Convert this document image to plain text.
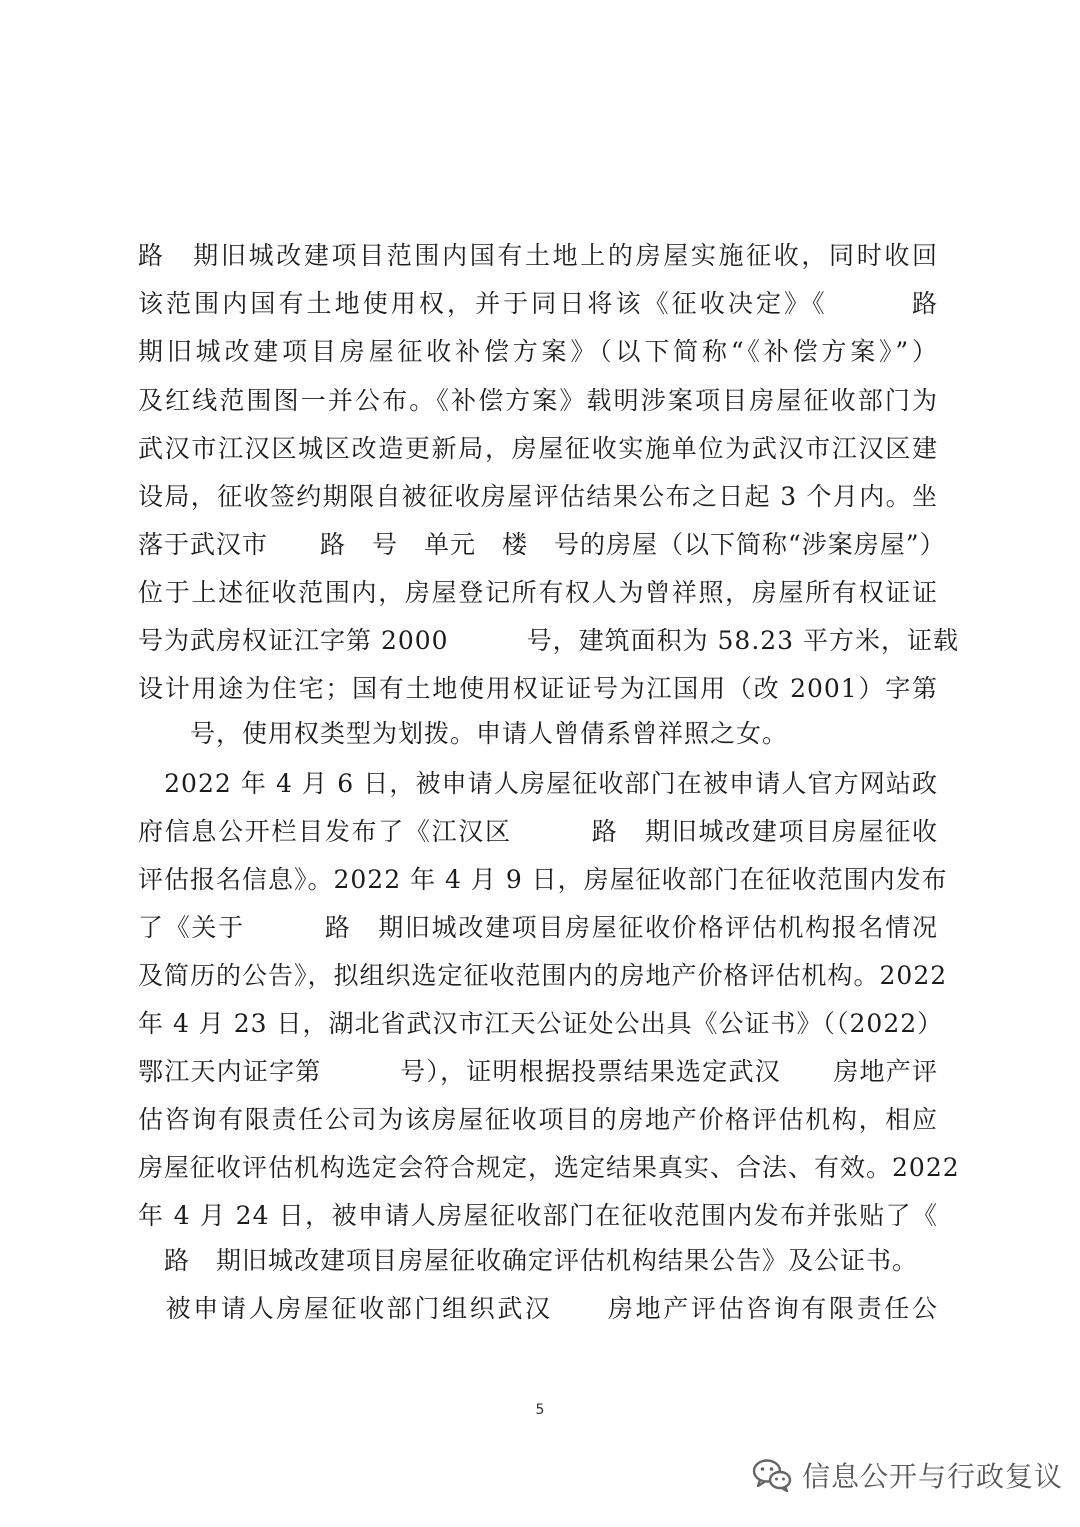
路　期旧城改建项目范围内国有土地上的房屋实施征收，同时收回
该范围内国有土地使用权，并于同日将该《征收决定》《　　　路
期旧城改建项目房屋征收补偿方案》（以下简称“《补偿方案》”）
及红线范围图一并公布。《补偿方案》载明涉案项目房屋征收部门为
武汉市江汉区城区改造更新局，房屋征收实施单位为武汉市江汉区建
设局，征收签约期限自被征收房屋评估结果公布之日起 3 个月内。坐
落于武汉市　　路　号　单元　楼　号的房屋（以下简称“涉案房屋”）
位于上述征收范围内，房屋登记所有权人为曾祥照，房屋所有权证证
号为武房权证江字第 2000　　　号，建筑面积为 58.23 平方米，证载
设计用途为住宅；国有土地使用权证证号为江国用（改 2001）字第
　　号，使用权类型为划拨。申请人曾倩系曾祥照之女。
　2022 年 4 月 6 日，被申请人房屋征收部门在被申请人官方网站政
府信息公开栏目发布了《江汉区　　　路　期旧城改建项目房屋征收
评估报名信息》。2022 年 4 月 9 日，房屋征收部门在征收范围内发布
了《关于　　　路　期旧城改建项目房屋征收价格评估机构报名情况
及简历的公告》，拟组织选定征收范围内的房地产价格评估机构。2022
年 4 月 23 日，湖北省武汉市江天公证处公出具《公证书》（（2022）
鄂江天内证字第　　　号），证明根据投票结果选定武汉　　房地产评
估咨询有限责任公司为该房屋征收项目的房地产价格评估机构，相应
房屋征收评估机构选定会符合规定，选定结果真实、合法、有效。2022
年 4 月 24 日，被申请人房屋征收部门在征收范围内发布并张贴了《
　路　期旧城改建项目房屋征收确定评估机构结果公告》及公证书。
　被申请人房屋征收部门组织武汉　　房地产评估咨询有限责任公
5
信息公开与行政复议
